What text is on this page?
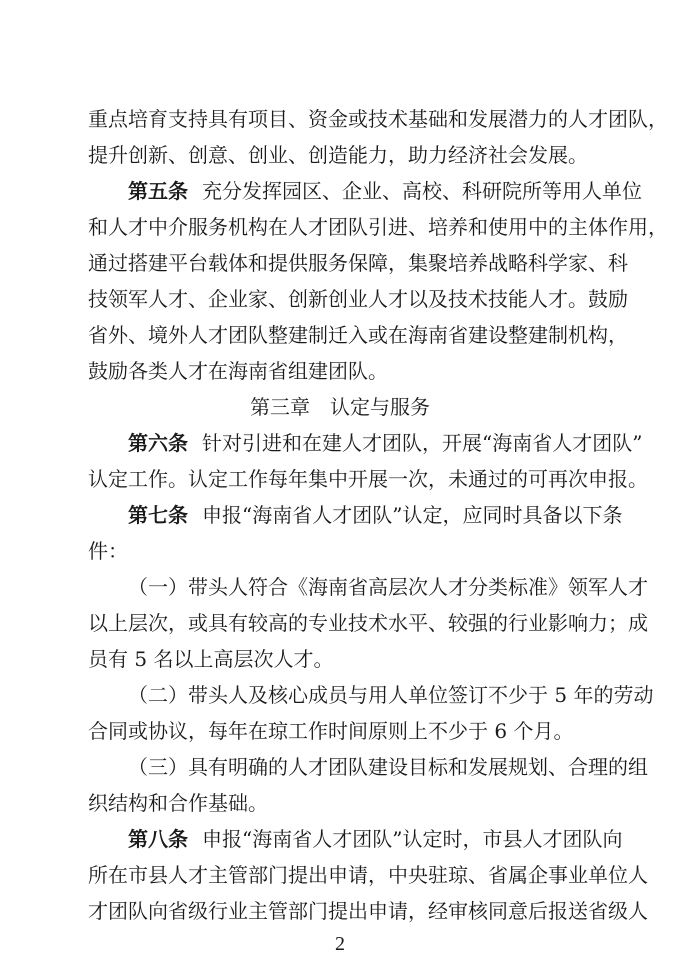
重点培育支持具有项目、资金或技术基础和发展潜力的人才团队，
提升创新、创意、创业、创造能力，助力经济社会发展。
第五条 充分发挥园区、企业、高校、科研院所等用人单位
和人才中介服务机构在人才团队引进、培养和使用中的主体作用，
通过搭建平台载体和提供服务保障，集聚培养战略科学家、科
技领军人才、企业家、创新创业人才以及技术技能人才。鼓励
省外、境外人才团队整建制迁入或在海南省建设整建制机构，
鼓励各类人才在海南省组建团队。
第三章　认定与服务
第六条 针对引进和在建人才团队，开展“海南省人才团队”
认定工作。认定工作每年集中开展一次，未通过的可再次申报。
第七条 申报“海南省人才团队”认定，应同时具备以下条
件：
（一）带头人符合《海南省高层次人才分类标准》领军人才
以上层次，或具有较高的专业技术水平、较强的行业影响力；成
员有 5 名以上高层次人才。
（二）带头人及核心成员与用人单位签订不少于 5 年的劳动
合同或协议，每年在琼工作时间原则上不少于 6 个月。
（三）具有明确的人才团队建设目标和发展规划、合理的组
织结构和合作基础。
第八条 申报“海南省人才团队”认定时，市县人才团队向
所在市县人才主管部门提出申请，中央驻琼、省属企事业单位人
才团队向省级行业主管部门提出申请，经审核同意后报送省级人
2
